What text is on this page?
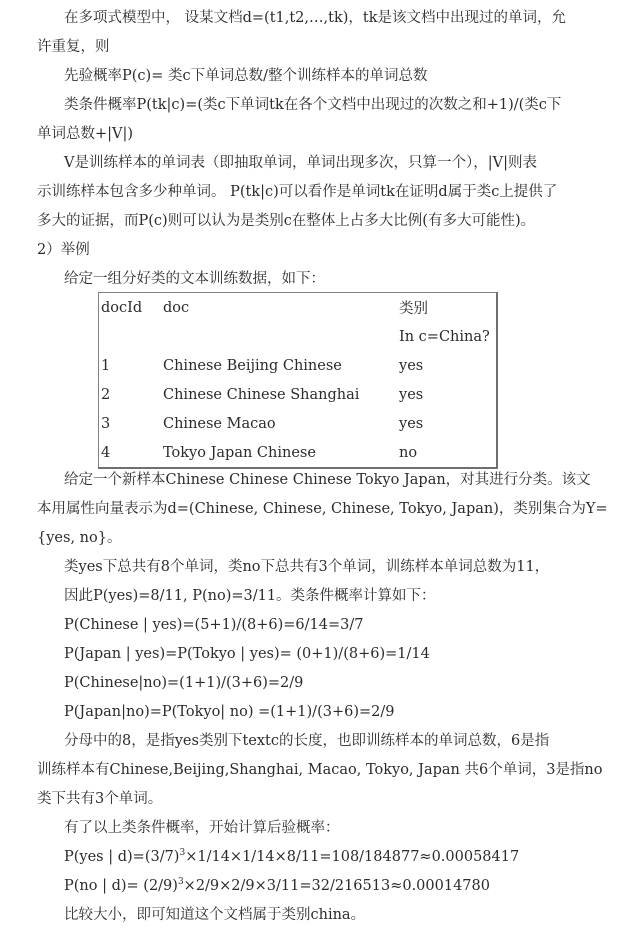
在多项式模型中， 设某文档d=(t1,t2,…,tk)，tk是该文档中出现过的单词，允
许重复，则
先验概率P(c)= 类c下单词总数/整个训练样本的单词总数
类条件概率P(tk|c)=(类c下单词tk在各个文档中出现过的次数之和+1)/(类c下
单词总数+|V|)
V是训练样本的单词表（即抽取单词，单词出现多次，只算一个），|V|则表
示训练样本包含多少种单词。 P(tk|c)可以看作是单词tk在证明d属于类c上提供了
多大的证据，而P(c)则可以认为是类别c在整体上占多大比例(有多大可能性)。
2）举例
给定一组分好类的文本训练数据，如下：
docId	doc	类别
		In c=China?
1	Chinese Beijing Chinese	yes
2	Chinese Chinese Shanghai	yes
3	Chinese Macao	yes
4	Tokyo Japan Chinese	no
给定一个新样本Chinese Chinese Chinese Tokyo Japan，对其进行分类。该文
本用属性向量表示为d=(Chinese, Chinese, Chinese, Tokyo, Japan)，类别集合为Y=
{yes, no}。
类yes下总共有8个单词，类no下总共有3个单词，训练样本单词总数为11，
因此P(yes)=8/11, P(no)=3/11。类条件概率计算如下：
P(Chinese | yes)=(5+1)/(8+6)=6/14=3/7
P(Japan | yes)=P(Tokyo | yes)= (0+1)/(8+6)=1/14
P(Chinese|no)=(1+1)/(3+6)=2/9
P(Japan|no)=P(Tokyo| no) =(1+1)/(3+6)=2/9
分母中的8，是指yes类别下textc的长度，也即训练样本的单词总数，6是指
训练样本有Chinese,Beijing,Shanghai, Macao, Tokyo, Japan 共6个单词，3是指no
类下共有3个单词。
有了以上类条件概率，开始计算后验概率：
P(yes | $d)=(3/7)^3\times 1/14\times 1/14\times 8/11=108/184877\approx 0.00058417$
P(no | $d)= (2/9)^3\times 2/9\times 2/9\times 3/11=32/216513\approx 0.00014780$
比较大小，即可知道这个文档属于类别china。
